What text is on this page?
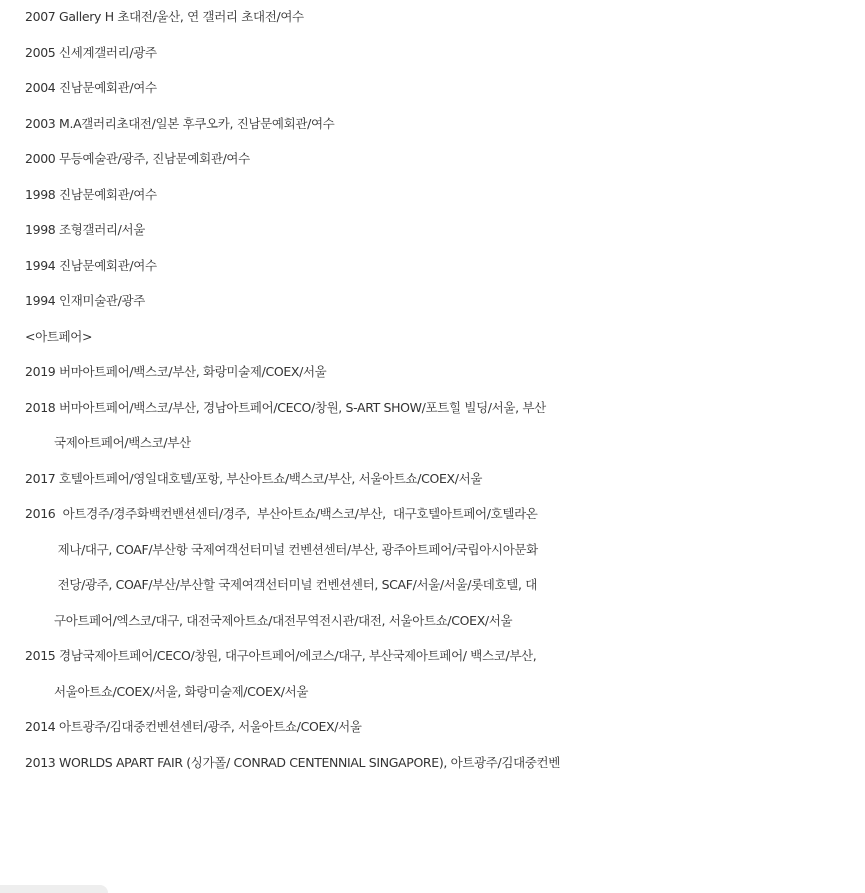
2007 Gallery H 초대전/울산, 연 갤러리 초대전/여수

2005 신세계갤러리/광주

2004 진남문예회관/여수

2003 M.A갤러리초대전/일본 후쿠오카, 진남문예회관/여수

2000 무등예술관/광주, 진남문예회관/여수

1998 진남문예회관/여수

1998 조형갤러리/서울

1994 진남문예회관/여수

1994 인재미술관/광주

<아트페어>

2019 버마아트페어/백스코/부산, 화랑미술제/COEX/서울

2018 버마아트페어/백스코/부산, 경남아트페어/CECO/창원, S-ART SHOW/포트힐 빌딩/서울, 부산

국제아트페어/백스코/부산

2017 호텔아트페어/영일대호텔/포항, 부산아트쇼/백스코/부산, 서울아트쇼/COEX/서울

2016  아트경주/경주화백컨밴션센터/경주,  부산아트쇼/백스코/부산,  대구호텔아트페어/호텔라온

제나/대구, COAF/부산항 국제여객선터미널 컨벤션센터/부산, 광주아트페어/국립아시아문화

전당/광주, COAF/부산/부산할 국제여객선터미널 컨벤션센터, SCAF/서울/서울/롯데호텔, 대

구아트페어/엑스코/대구, 대전국제아트쇼/대전무역전시관/대전, 서울아트쇼/COEX/서울

2015 경남국제아트페어/CECO/창원, 대구아트페어/에코스/대구, 부산국제아트페어/ 백스코/부산,

서울아트쇼/COEX/서울, 화랑미술제/COEX/서울

2014 아트광주/김대중컨벤션센터/광주, 서울아트쇼/COEX/서울

2013 WORLDS APART FAIR (싱가폴/ CONRAD CENTENNIAL SINGAPORE), 아트광주/김대중컨벤
